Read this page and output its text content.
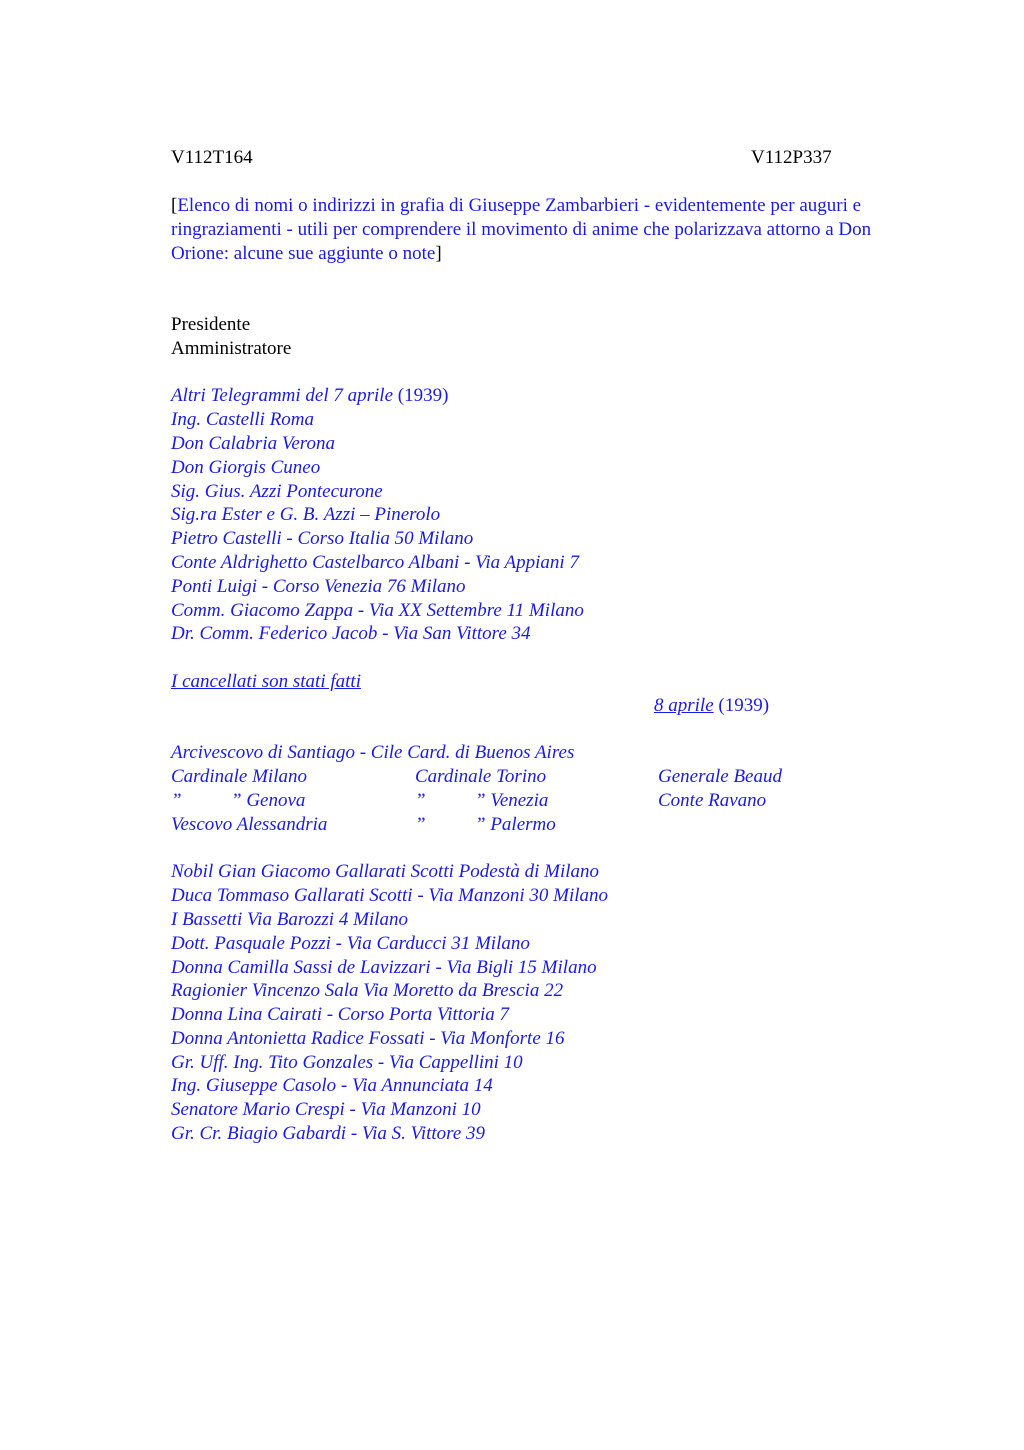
V112T164	V112P337
[Elenco di nomi o indirizzi in grafia di Giuseppe Zambarbieri - evidentemente per auguri e ringraziamenti - utili per comprendere il movimento di anime che polarizzava attorno a Don Orione: alcune sue aggiunte o note]
Presidente
Amministratore
Altri Telegrammi del 7 aprile (1939)
Ing. Castelli Roma
Don Calabria Verona
Don Giorgis Cuneo
Sig. Gius. Azzi Pontecurone
Sig.ra Ester e G. B. Azzi – Pinerolo
Pietro Castelli - Corso Italia 50 Milano
Conte Aldrighetto Castelbarco Albani - Via Appiani 7
Ponti Luigi - Corso Venezia 76 Milano
Comm. Giacomo Zappa - Via XX Settembre 11 Milano
Dr. Comm. Federico Jacob - Via San Vittore 34
I cancellati son stati fatti
8 aprile (1939)
Arcivescovo di Santiago - Cile Card. di Buenos Aires
Cardinale Milano	Cardinale Torino	Generale Beaud
”	” Genova	”	” Venezia	Conte Ravano
Vescovo Alessandria	”	” Palermo
Nobil Gian Giacomo Gallarati Scotti Podestà di Milano
Duca Tommaso Gallarati Scotti - Via Manzoni 30 Milano
I Bassetti Via Barozzi 4 Milano
Dott. Pasquale Pozzi - Via Carducci 31 Milano
Donna Camilla Sassi de Lavizzari - Via Bigli 15 Milano
Ragionier Vincenzo Sala Via Moretto da Brescia 22
Donna Lina Cairati - Corso Porta Vittoria 7
Donna Antonietta Radice Fossati - Via Monforte 16
Gr. Uff. Ing. Tito Gonzales - Via Cappellini 10
Ing. Giuseppe Casolo - Via Annunciata 14
Senatore Mario Crespi - Via Manzoni 10
Gr. Cr. Biagio Gabardi - Via S. Vittore 39
